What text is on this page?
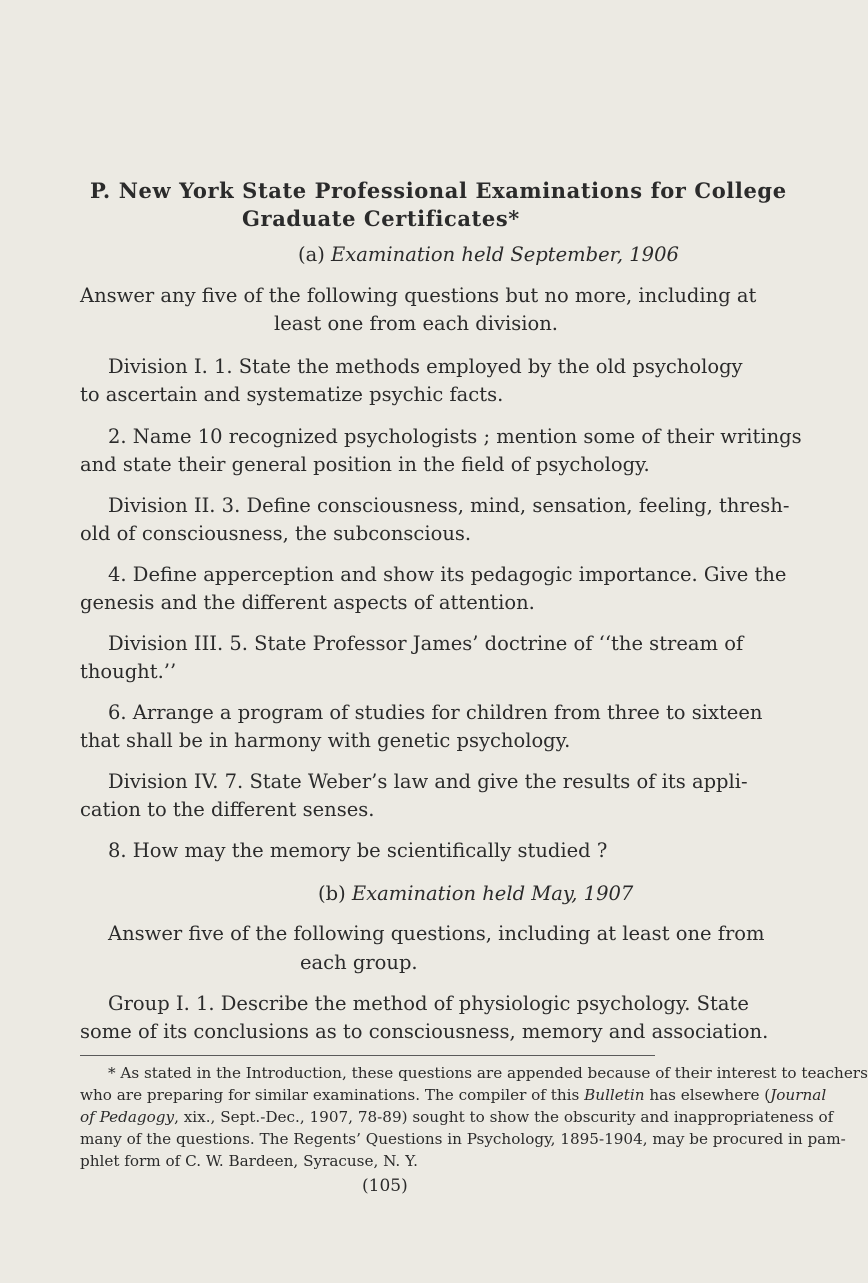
P. New York State Professional Examinations for College
Graduate Certificates*
(a) Examination held September, 1906
Answer any five of the following questions but no more, including at
least one from each division.
Division I. 1. State the methods employed by the old psychology
to ascertain and systematize psychic facts.
2. Name 10 recognized psychologists ; mention some of their writings
and state their general position in the field of psychology.
Division II. 3. Define consciousness, mind, sensation, feeling, thresh-
old of consciousness, the subconscious.
4. Define apperception and show its pedagogic importance. Give the
genesis and the different aspects of attention.
Division III. 5. State Professor James’ doctrine of ‘‘the stream of
thought.’’
6. Arrange a program of studies for children from three to sixteen
that shall be in harmony with genetic psychology.
Division IV. 7. State Weber’s law and give the results of its appli-
cation to the different senses.
8. How may the memory be scientifically studied ?
(b) Examination held May, 1907
Answer five of the following questions, including at least one from
each group.
Group I. 1. Describe the method of physiologic psychology. State
some of its conclusions as to consciousness, memory and association.
* As stated in the Introduction, these questions are appended because of their interest to teachers
who are preparing for similar examinations. The compiler of this Bulletin has elsewhere (Journal
of Pedagogy, xix., Sept.-Dec., 1907, 78-89) sought to show the obscurity and inappropriateness of
many of the questions. The Regents’ Questions in Psychology, 1895-1904, may be procured in pam-
phlet form of C. W. Bardeen, Syracuse, N. Y.
(105)
